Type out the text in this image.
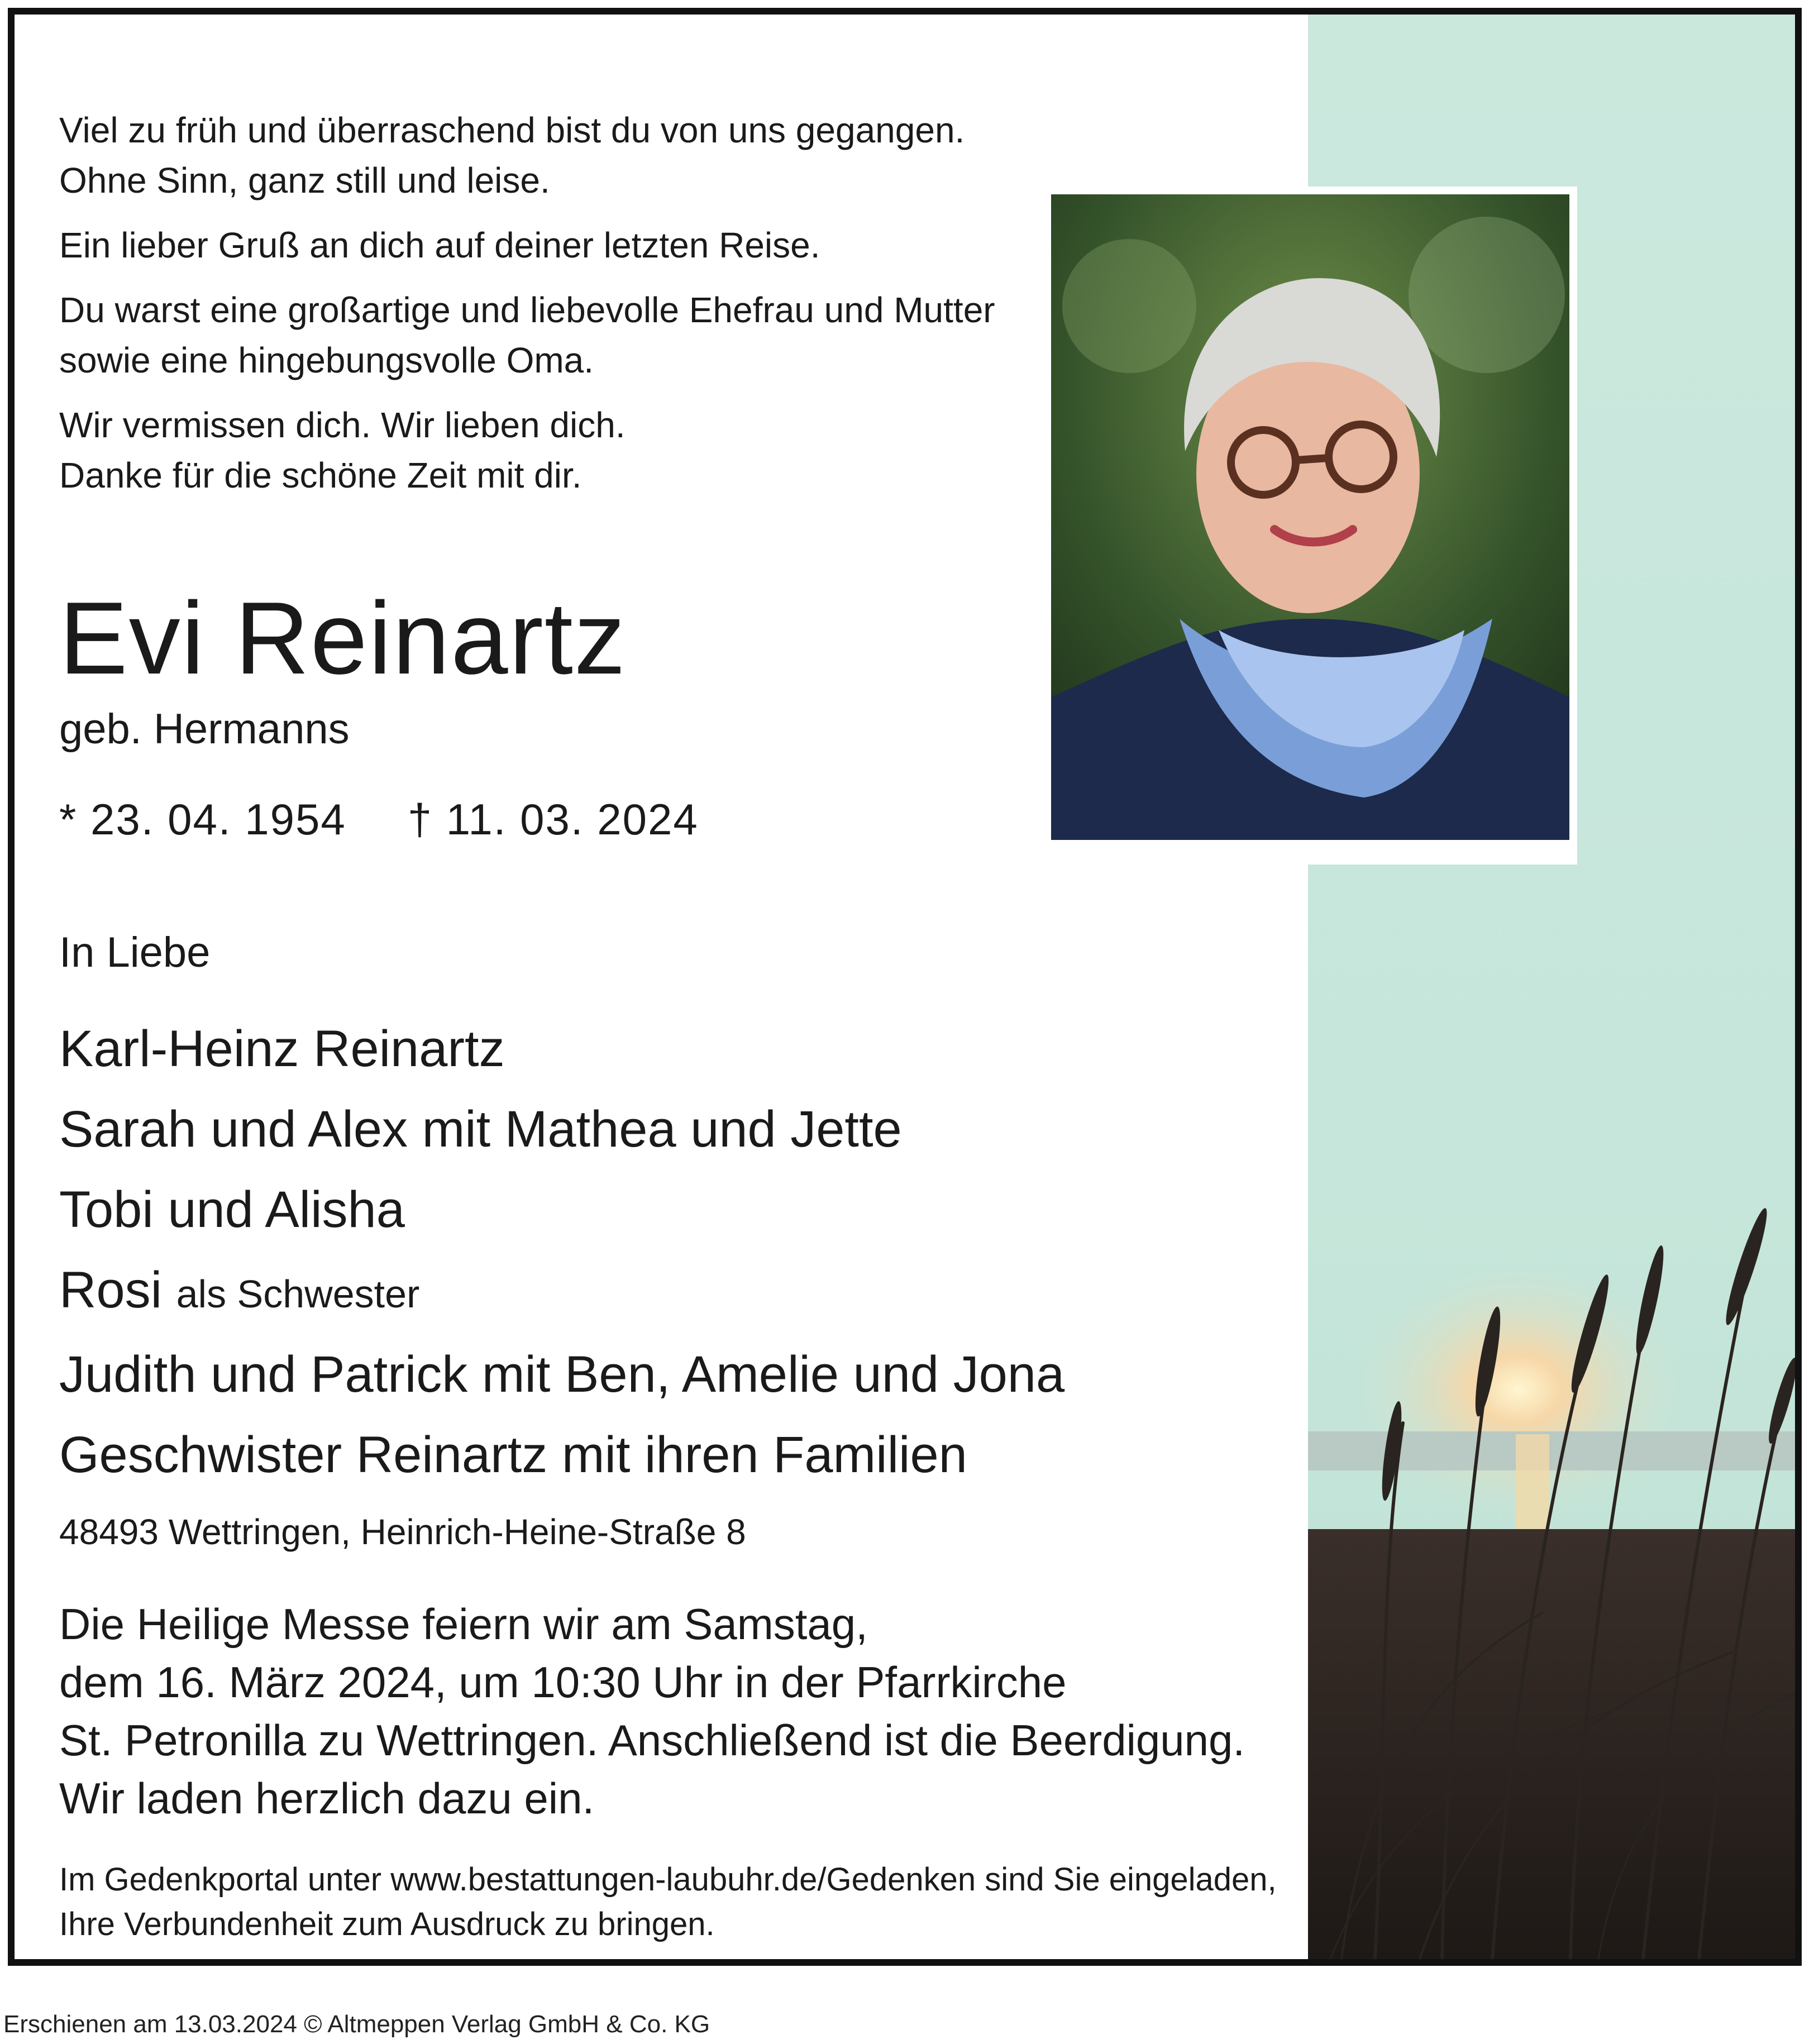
Viel zu früh und überraschend bist du von uns gegangen.
Ohne Sinn, ganz still und leise.

Ein lieber Gruß an dich auf deiner letzten Reise.

Du warst eine großartige und liebevolle Ehefrau und Mutter
sowie eine hingebungsvolle Oma.

Wir vermissen dich. Wir lieben dich.
Danke für die schöne Zeit mit dir.

Evi Reinartz
geb. Hermanns
* 23. 04. 1954 † 11. 03. 2024
In Liebe
Karl-Heinz Reinartz
Sarah und Alex mit Mathea und Jette
Tobi und Alisha
Rosi als Schwester
Judith und Patrick mit Ben, Amelie und Jona
Geschwister Reinartz mit ihren Familien
48493 Wettringen, Heinrich-Heine-Straße 8
Die Heilige Messe feiern wir am Samstag,
dem 16. März 2024, um 10:30 Uhr in der Pfarrkirche
St. Petronilla zu Wettringen. Anschließend ist die Beerdigung.
Wir laden herzlich dazu ein.
Im Gedenkportal unter www.bestattungen-laubuhr.de/Gedenken sind Sie eingeladen,
Ihre Verbundenheit zum Ausdruck zu bringen.
Erschienen am 13.03.2024 © Altmeppen Verlag GmbH & Co. KG
